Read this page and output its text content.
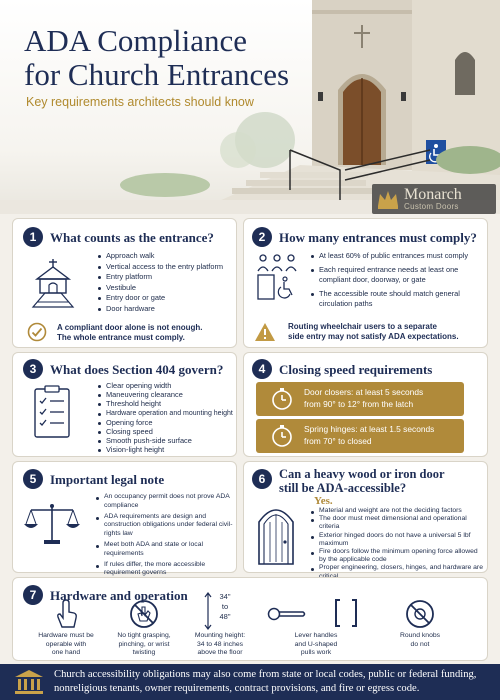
ADA Compliance
for Church Entrances
Key requirements architects should know
Monarch
Custom Doors
1	What counts as the entrance?
Approach walk
Vertical access to the entry platform
Entry platform
Vestibule
Entry door or gate
Door hardware
A compliant door alone is not enough.
The whole entrance must comply.
2	How many entrances must comply?
At least 60% of public entrances must comply
Each required entrance needs at least one compliant door, doorway, or gate
The accessible route should match general circulation paths
Routing wheelchair users to a separate
side entry may not satisfy ADA expectations.
3	What does Section 404 govern?
Clear opening width
Maneuvering clearance
Threshold height
Hardware operation and mounting height
Opening force
Closing speed
Smooth push-side surface
Vision-light height
4	Closing speed requirements
Door closers: at least 5 seconds
from 90° to 12° from the latch
Spring hinges: at least 1.5 seconds
from 70° to closed
5	Important legal note
An occupancy permit does not prove ADA compliance
ADA requirements are design and construction obligations under federal civil-rights law
Meet both ADA and state or local requirements
If rules differ, the more accessible requirement governs
6	Can a heavy wood or iron door
still be ADA-accessible?
Yes.
Material and weight are not the deciding factors
The door must meet dimensional and operational criteria
Exterior hinged doors do not have a universal 5 lbf maximum
Fire doors follow the minimum opening force allowed by the applicable code
Proper engineering, closers, hinges, and hardware are
7	Hardware and operation
Hardware must be
operable with
one hand
No tight grasping,
pinching, or wrist
twisting
34"
to
48"
Mounting height:
34 to 48 inches
above the floor
Lever handles
and U-shaped
pulls work
Round knobs
do not
Church accessibility obligations may also come from state or local codes, public or federal funding, nonreligious tenants, owner requirements, contract provisions, and fire or egress code.
